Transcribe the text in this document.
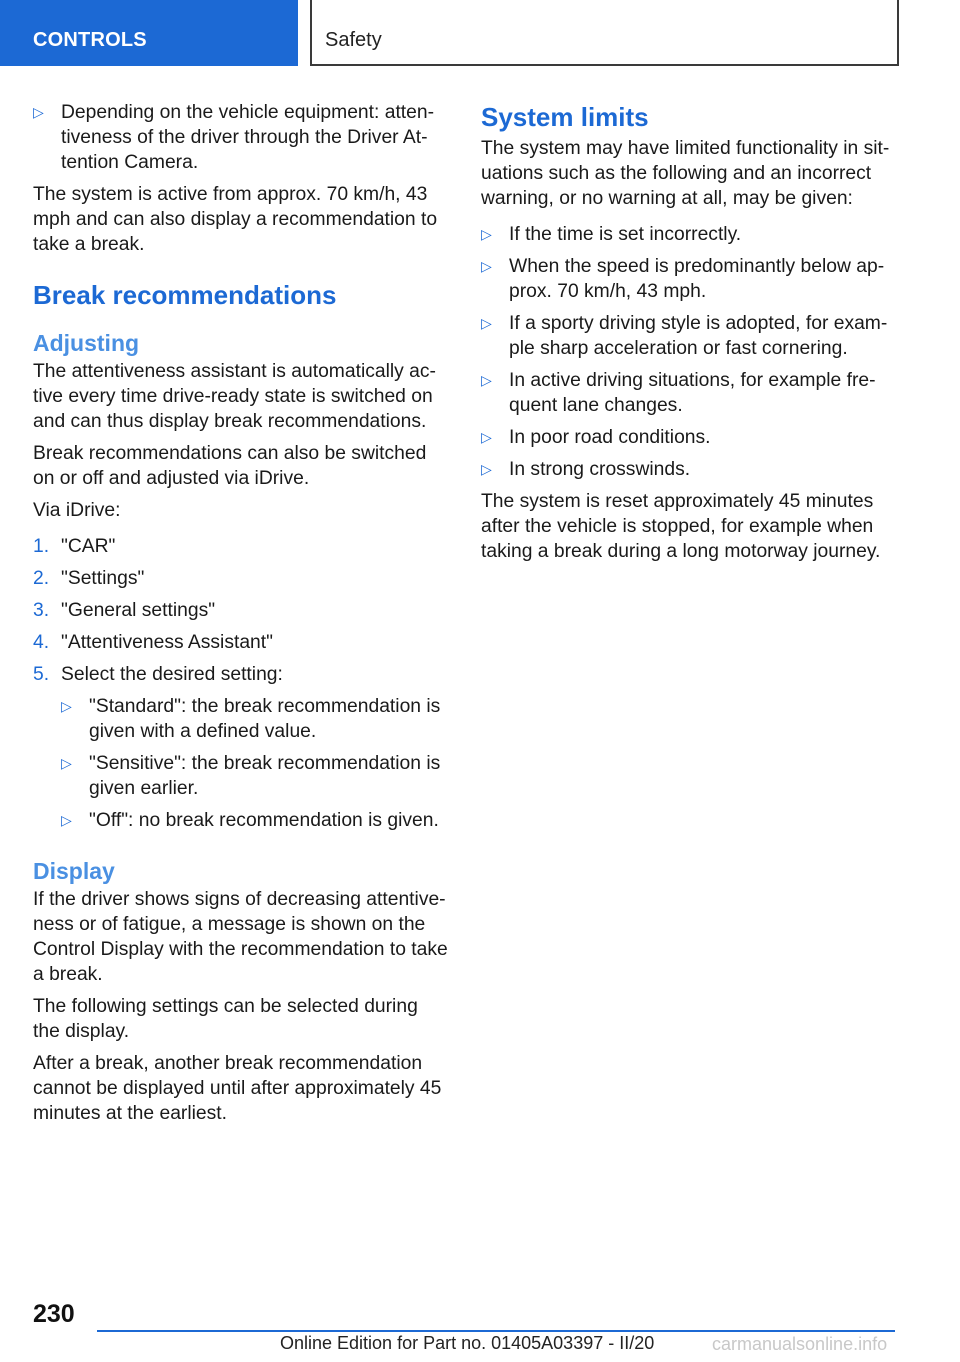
CONTROLS	Safety
▷ Depending on the vehicle equipment: atten-tiveness of the driver through the Driver At-tention Camera.

The system is active from approx. 70 km/h, 43 mph and can also display a recommendation to take a break.

Break recommendations
Adjusting

The attentiveness assistant is automatically ac-tive every time drive-ready state is switched on and can thus display break recommendations.

Break recommendations can also be switched on or off and adjusted via iDrive.

Via iDrive:

1. "CAR"
2. "Settings"
3. "General settings"
4. "Attentiveness Assistant"
5. Select the desired setting:
▷ "Standard": the break recommendation is given with a defined value.
▷ "Sensitive": the break recommendation is given earlier.
▷ "Off": no break recommendation is given.
Display

If the driver shows signs of decreasing attentive-ness or of fatigue, a message is shown on the Control Display with the recommendation to take a break.

The following settings can be selected during the display.

After a break, another break recommendation cannot be displayed until after approximately 45 minutes at the earliest.

System limits

The system may have limited functionality in sit-uations such as the following and an incorrect warning, or no warning at all, may be given:

▷ If the time is set incorrectly.
▷ When the speed is predominantly below ap-prox. 70 km/h, 43 mph.
▷ If a sporty driving style is adopted, for exam-ple sharp acceleration or fast cornering.
▷ In active driving situations, for example fre-quent lane changes.
▷ In poor road conditions.
▷ In strong crosswinds.

The system is reset approximately 45 minutes after the vehicle is stopped, for example when taking a break during a long motorway journey.

230
Online Edition for Part no. 01405A03397 - II/20	carmanualsonline.info
